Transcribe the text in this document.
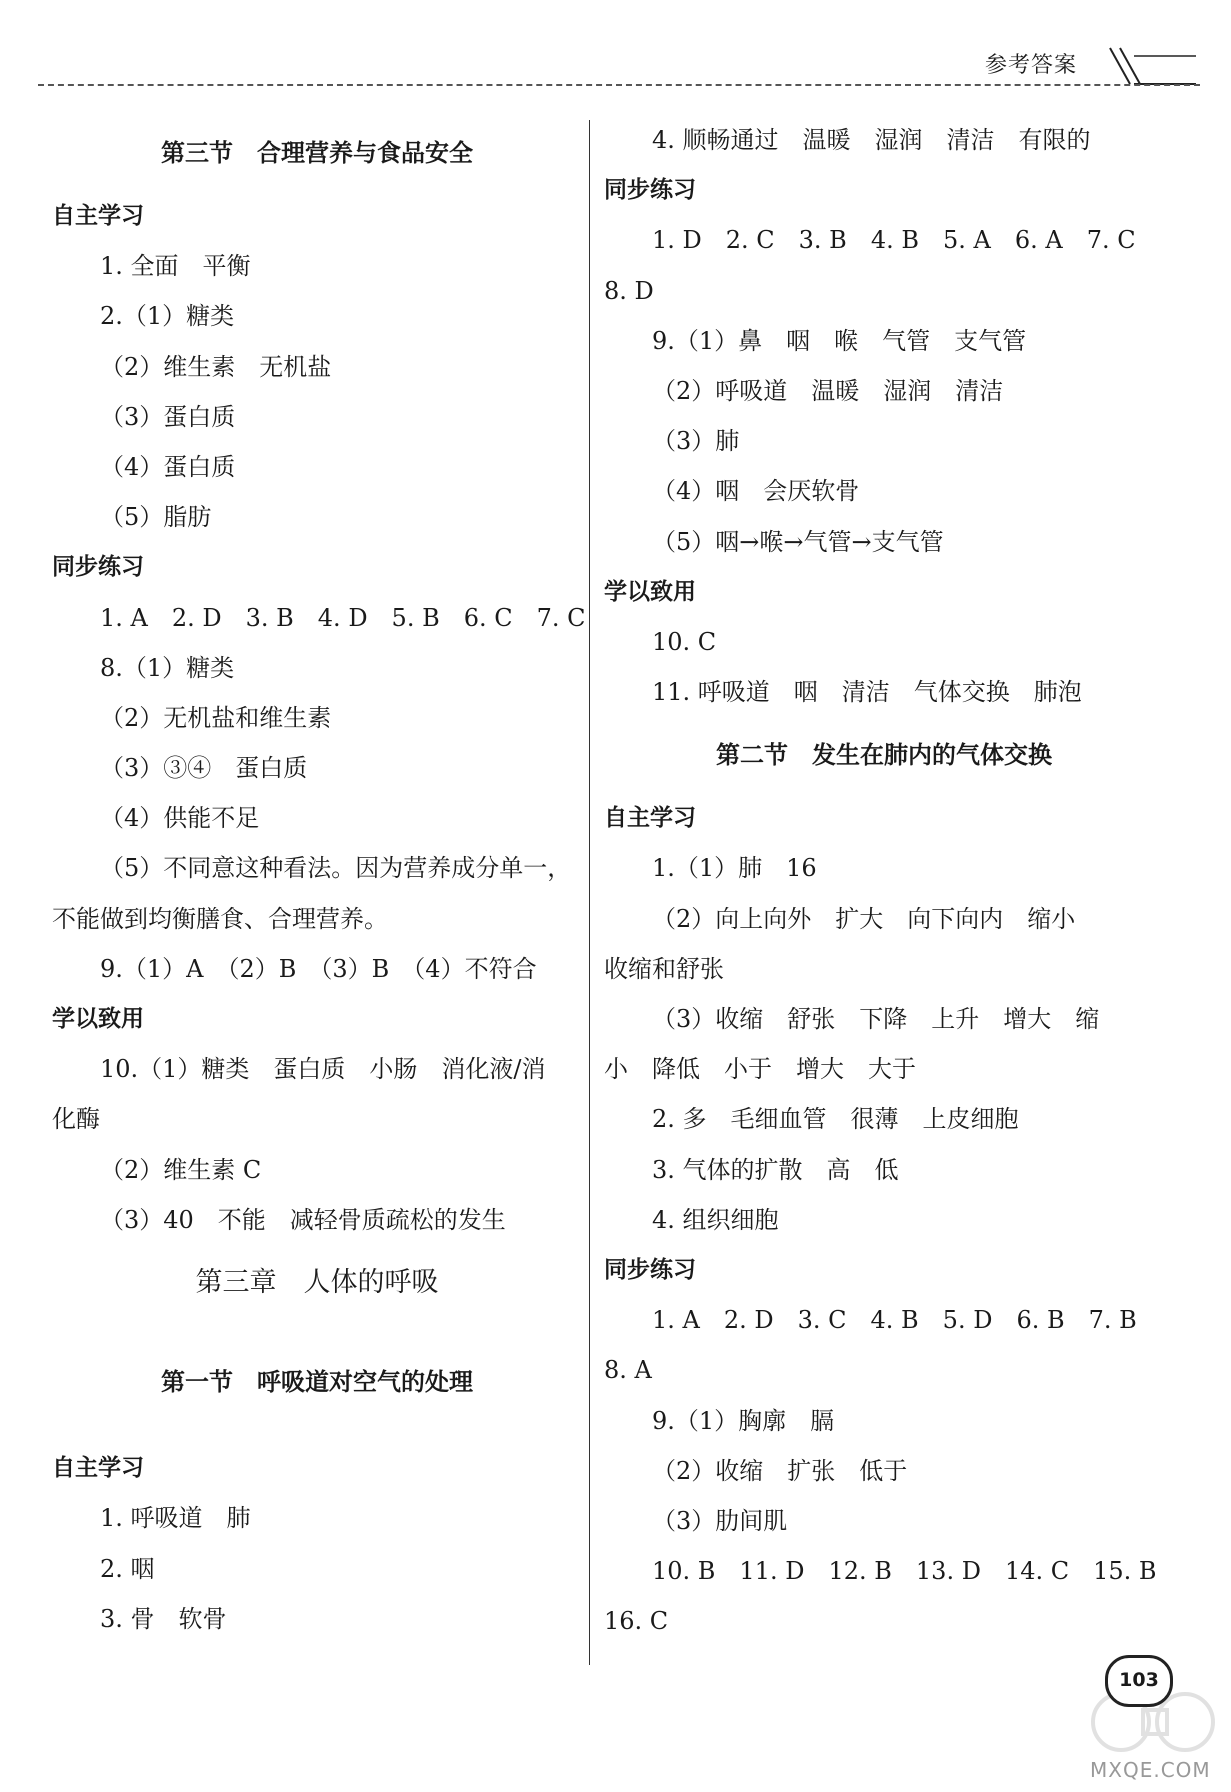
参考答案
第三节　合理营养与食品安全
自主学习
1. 全面　平衡
2.（1）糖类
（2）维生素　无机盐
（3）蛋白质
（4）蛋白质
（5）脂肪
同步练习
1. A　2. D　3. B　4. D　5. B　6. C　7. C
8.（1）糖类
（2）无机盐和维生素
（3）③④　蛋白质
（4）供能不足
（5）不同意这种看法。因为营养成分单一，
不能做到均衡膳食、合理营养。
9.（1）A　（2）B　（3）B　（4）不符合
学以致用
10.（1）糖类　蛋白质　小肠　消化液/消
化酶
（2）维生素 C
（3）40　不能　减轻骨质疏松的发生
第三章　人体的呼吸
第一节　呼吸道对空气的处理
自主学习
1. 呼吸道　肺
2. 咽
3. 骨　软骨
4. 顺畅通过　温暖　湿润　清洁　有限的
同步练习
1. D　2. C　3. B　4. B　5. A　6. A　7. C
8. D
9.（1）鼻　咽　喉　气管　支气管
（2）呼吸道　温暖　湿润　清洁
（3）肺
（4）咽　会厌软骨
（5）咽→喉→气管→支气管
学以致用
10. C
11. 呼吸道　咽　清洁　气体交换　肺泡
第二节　发生在肺内的气体交换
自主学习
1.（1）肺　16
（2）向上向外　扩大　向下向内　缩小
收缩和舒张
（3）收缩　舒张　下降　上升　增大　缩
小　降低　小于　增大　大于
2. 多　毛细血管　很薄　上皮细胞
3. 气体的扩散　高　低
4. 组织细胞
同步练习
1. A　2. D　3. C　4. B　5. D　6. B　7. B
8. A
9.（1）胸廓　膈
（2）收缩　扩张　低于
（3）肋间肌
10. B　11. D　12. B　13. D　14. C　15. B
16. C
MXQE.COM
103
